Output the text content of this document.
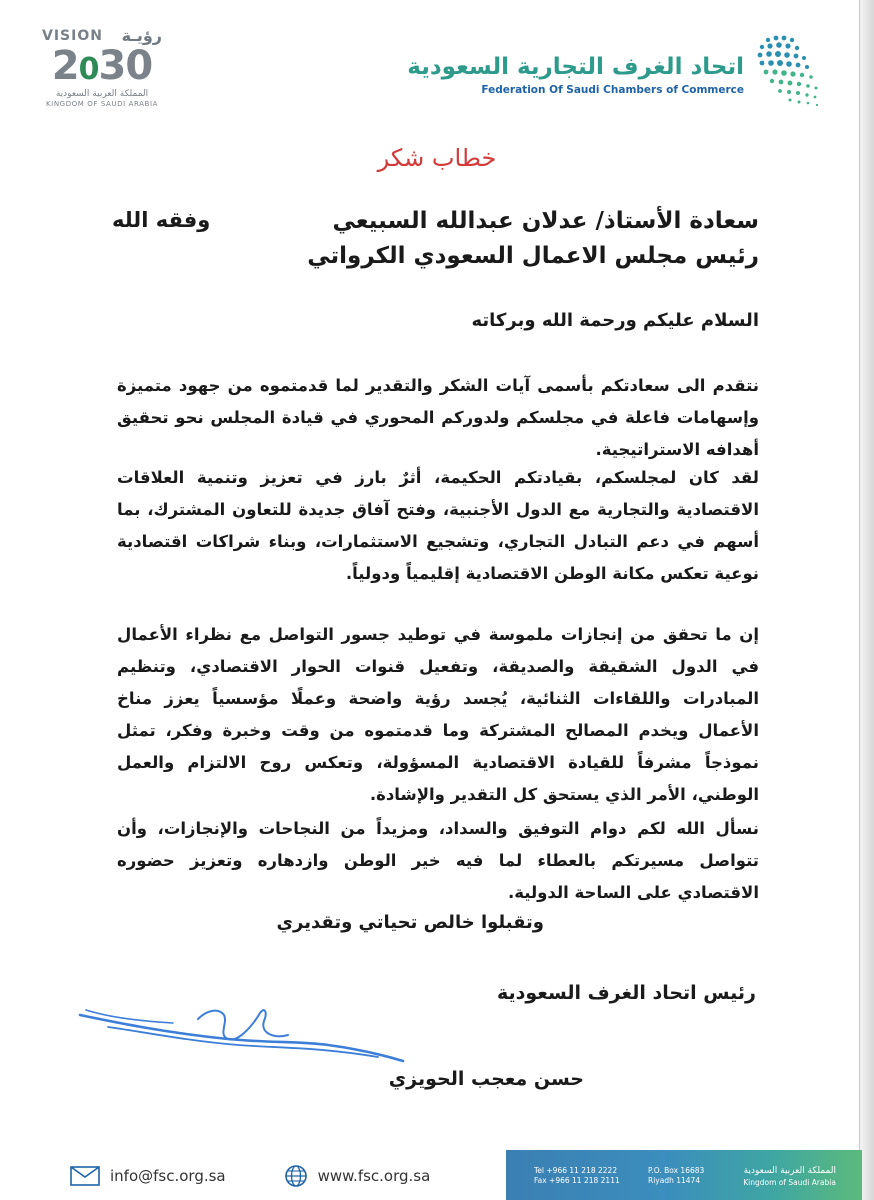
VISION رؤيـة
2030
المملكة العربية السعودية
KINGDOM OF SAUDI ARABIA
اتحاد الغرف التجارية السعودية
Federation Of Saudi Chambers of Commerce
خطاب شكر
سعادة الأستاذ/ عدلان عبدالله السبيعي
وفقه الله
رئيس مجلس الاعمال السعودي الكرواتي
السلام عليكم ورحمة الله وبركاته
نتقدم الى سعادتكم بأسمى آيات الشكر والتقدير لما قدمتموه من جهود متميزة وإسهامات فاعلة في مجلسكم ولدوركم المحوري في قيادة المجلس نحو تحقيق أهدافه الاستراتيجية.
لقد كان لمجلسكم، بقيادتكم الحكيمة، أثرٌ بارز في تعزيز وتنمية العلاقات الاقتصادية والتجارية مع الدول الأجنبية، وفتح آفاق جديدة للتعاون المشترك، بما أسهم في دعم التبادل التجاري، وتشجيع الاستثمارات، وبناء شراكات اقتصادية نوعية تعكس مكانة الوطن الاقتصادية إقليمياً ودولياً.
إن ما تحقق من إنجازات ملموسة في توطيد جسور التواصل مع نظراء الأعمال في الدول الشقيقة والصديقة، وتفعيل قنوات الحوار الاقتصادي، وتنظيم المبادرات واللقاءات الثنائية، يُجسد رؤية واضحة وعملًا مؤسسياً يعزز مناخ الأعمال ويخدم المصالح المشتركة وما قدمتموه من وقت وخبرة وفكر، تمثل نموذجاً مشرفاً للقيادة الاقتصادية المسؤولة، وتعكس روح الالتزام والعمل الوطني، الأمر الذي يستحق كل التقدير والإشادة.
نسأل الله لكم دوام التوفيق والسداد، ومزيداً من النجاحات والإنجازات، وأن تتواصل مسيرتكم بالعطاء لما فيه خير الوطن وازدهاره وتعزيز حضوره الاقتصادي على الساحة الدولية.
وتقبلوا خالص تحياتي وتقديري
رئيس اتحاد الغرف السعودية
حسن معجب الحويزي
info@fsc.org.sa	www.fsc.org.sa	Tel +966 11 218 2222
Fax +966 11 218 2111
P.O. Box 16683
Riyadh 11474
المملكة العربية السعودية
Kingdom of Saudi Arabia
